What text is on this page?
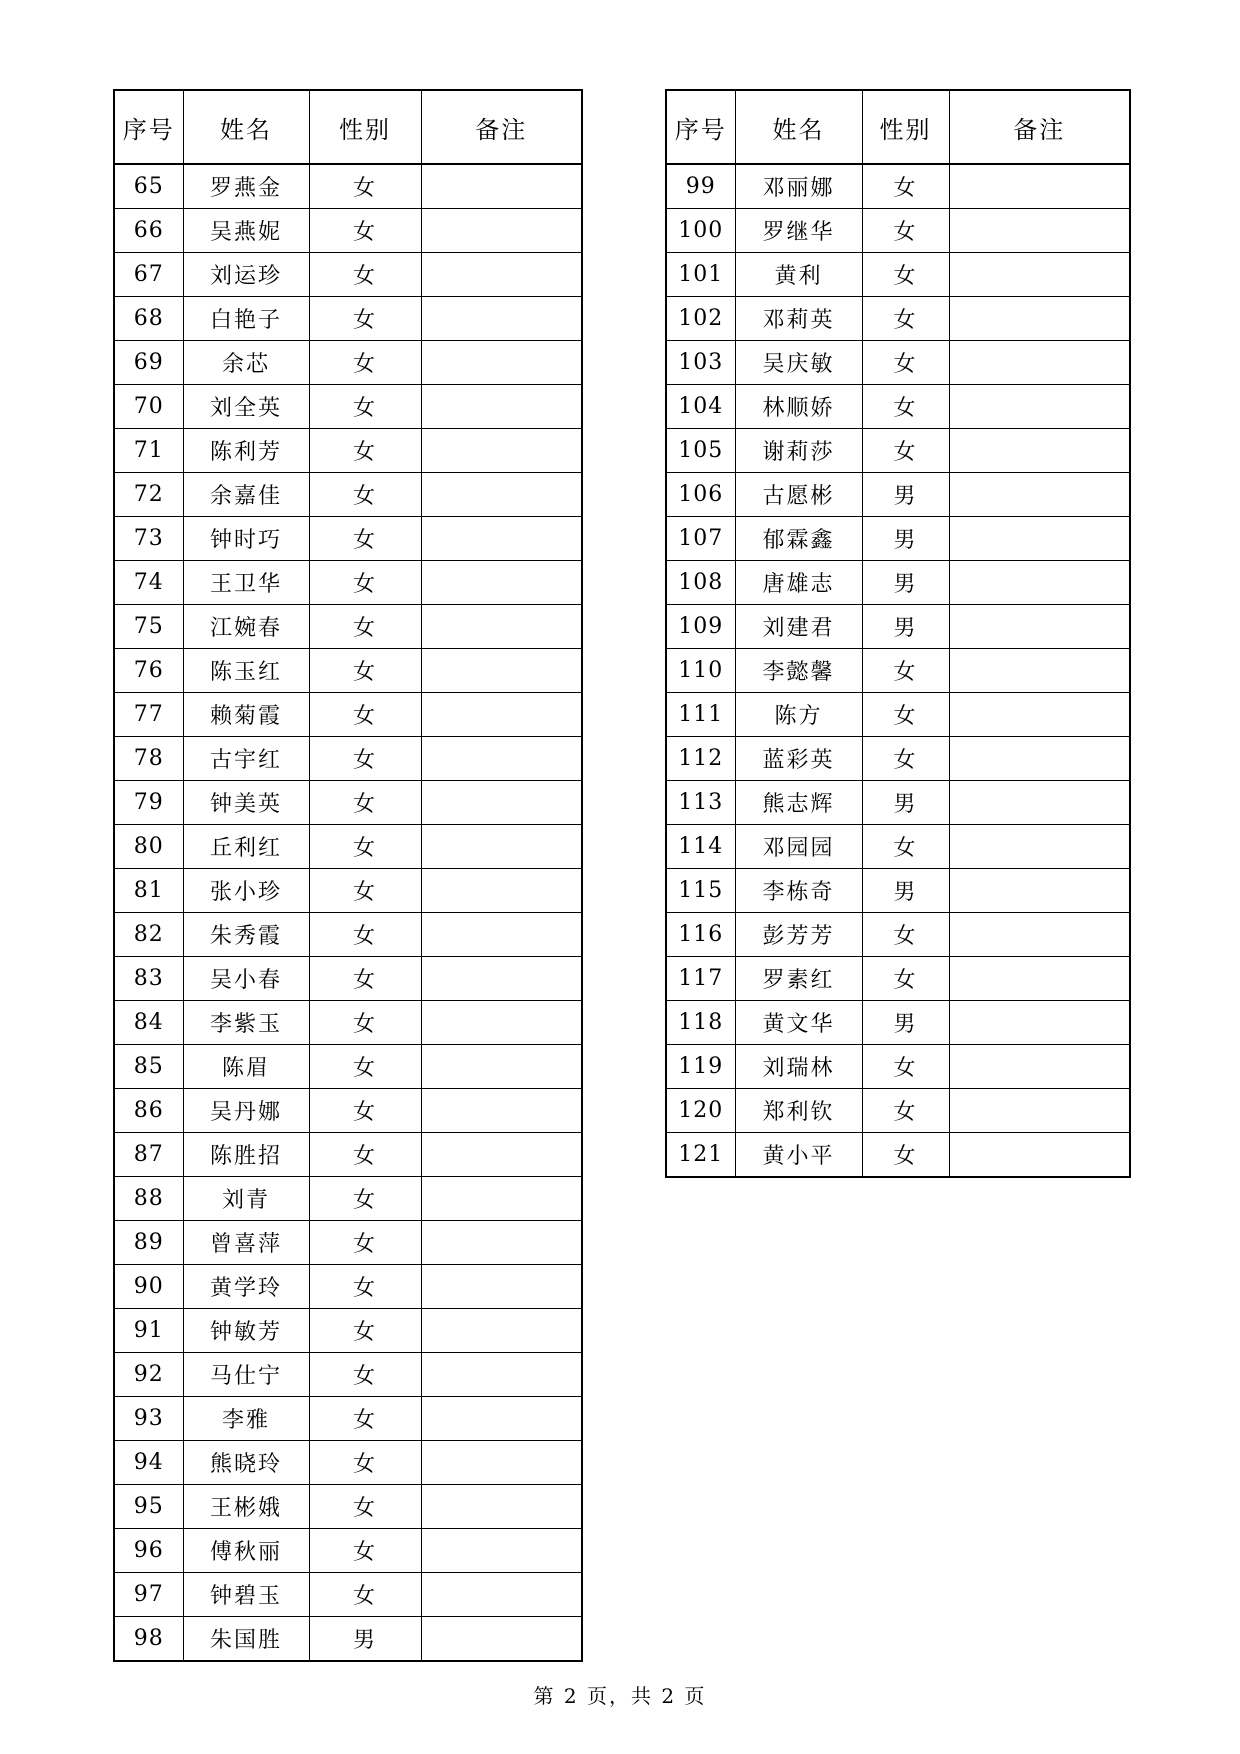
序号	姓名	性别	备注
65	罗燕金	女	
66	吴燕妮	女	
67	刘运珍	女	
68	白艳子	女	
69	余芯	女	
70	刘全英	女	
71	陈利芳	女	
72	余嘉佳	女	
73	钟时巧	女	
74	王卫华	女	
75	江婉春	女	
76	陈玉红	女	
77	赖菊霞	女	
78	古宇红	女	
79	钟美英	女	
80	丘利红	女	
81	张小珍	女	
82	朱秀霞	女	
83	吴小春	女	
84	李紫玉	女	
85	陈眉	女	
86	吴丹娜	女	
87	陈胜招	女	
88	刘青	女	
89	曾喜萍	女	
90	黄学玲	女	
91	钟敏芳	女	
92	马仕宁	女	
93	李雅	女	
94	熊晓玲	女	
95	王彬娥	女	
96	傅秋丽	女	
97	钟碧玉	女	
98	朱国胜	男	
序号	姓名	性别	备注
99	邓丽娜	女	
100	罗继华	女	
101	黄利	女	
102	邓莉英	女	
103	吴庆敏	女	
104	林顺娇	女	
105	谢莉莎	女	
106	古愿彬	男	
107	郁霖鑫	男	
108	唐雄志	男	
109	刘建君	男	
110	李懿馨	女	
111	陈方	女	
112	蓝彩英	女	
113	熊志辉	男	
114	邓园园	女	
115	李栋奇	男	
116	彭芳芳	女	
117	罗素红	女	
118	黄文华	男	
119	刘瑞林	女	
120	郑利钦	女	
121	黄小平	女	
第 2 页，共 2 页
